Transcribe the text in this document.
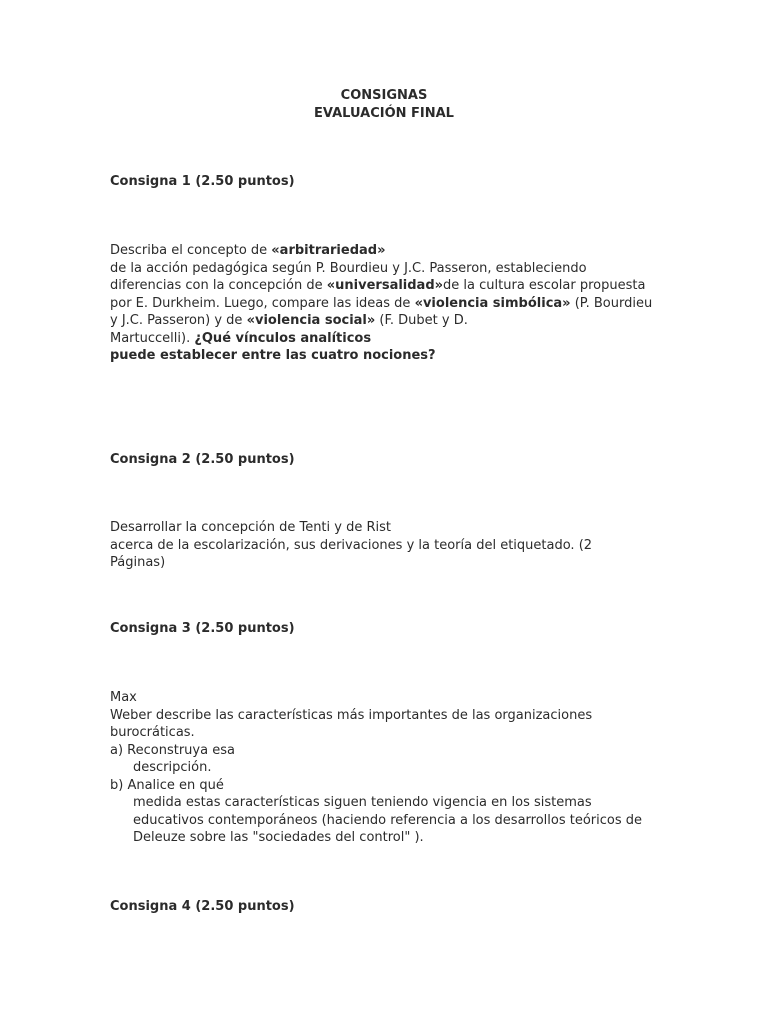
CONSIGNAS
EVALUACIÓN FINAL
Consigna 1 (2.50 puntos)
Describa el concepto de «arbitrariedad»
de la acción pedagógica según P. Bourdieu y J.C. Passeron, estableciendo
diferencias con la concepción de «universalidad»de la cultura escolar propuesta
por E. Durkheim. Luego, compare las ideas de «violencia simbólica» (P. Bourdieu
y J.C. Passeron) y de «violencia social» (F. Dubet y D.
Martuccelli). ¿Qué vínculos analíticos
puede establecer entre las cuatro nociones?
Consigna 2 (2.50 puntos)
Desarrollar la concepción de Tenti y de Rist
acerca de la escolarización, sus derivaciones y la teoría del etiquetado. (2
Páginas)
Consigna 3 (2.50 puntos)
Max
Weber describe las características más importantes de las organizaciones
burocráticas.
a) Reconstruya esa
descripción.
b) Analice en qué
medida estas características siguen teniendo vigencia en los sistemas
educativos contemporáneos (haciendo referencia a los desarrollos teóricos de
Deleuze sobre las "sociedades del control" ).
Consigna 4 (2.50 puntos)
